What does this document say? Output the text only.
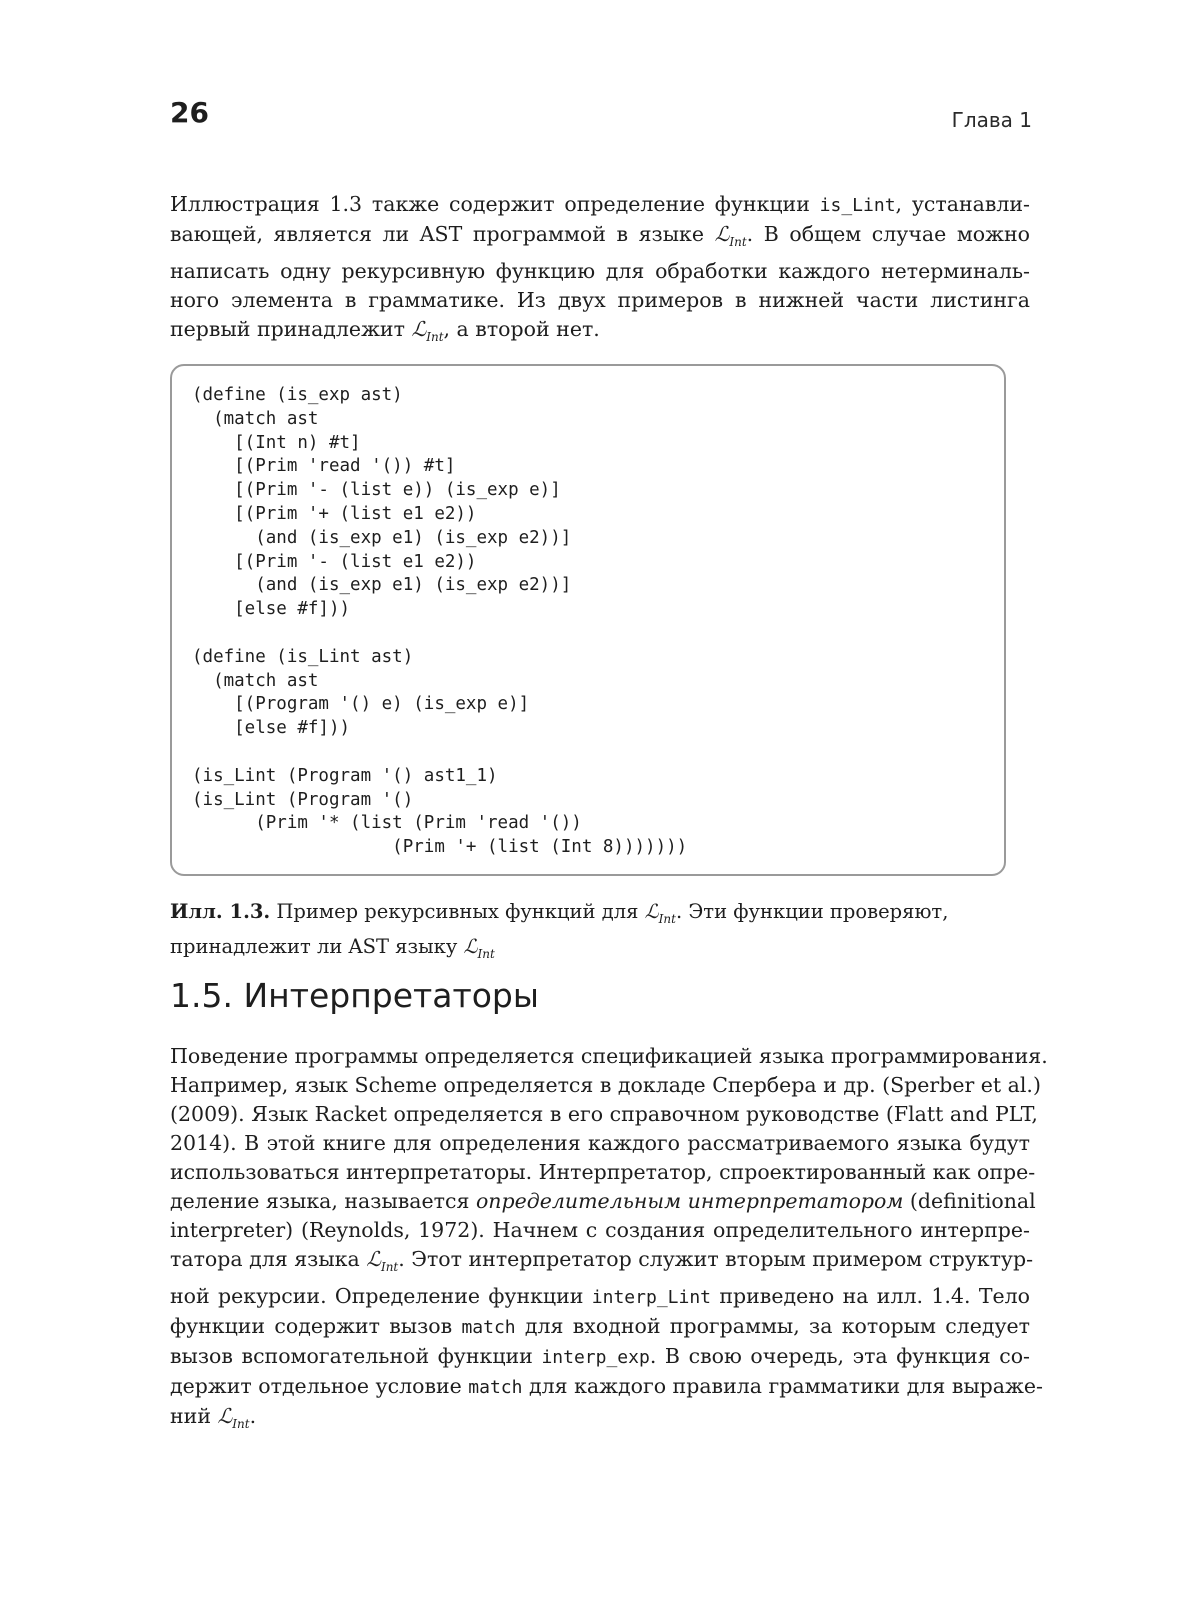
26	Глава 1

Иллюстрация 1.3 также содержит определение функции is_Lint, устанавли-
вающей, является ли AST программой в языке ℒ$_{Int}$. В общем случае можно
написать одну рекурсивную функцию для обработки каждого нетерминаль-
ного элемента в грамматике. Из двух примеров в нижней части листинга
первый принадлежит ℒ$_{Int}$, а второй нет.

(define (is_exp ast)
(match ast
[(Int n) #t]
[(Prim 'read '()) #t]
[(Prim '- (list e)) (is_exp e)]
[(Prim '+ (list e1 e2))
(and (is_exp e1) (is_exp e2))]
[(Prim '- (list e1 e2))
(and (is_exp e1) (is_exp e2))]
[else #f]))

(define (is_Lint ast)
(match ast
[(Program '() e) (is_exp e)]
[else #f]))

(is_Lint (Program '() ast1_1)
(is_Lint (Program '()
(Prim '* (list (Prim 'read '())
(Prim '+ (list (Int 8)))))))

Илл. 1.3. Пример рекурсивных функций для ℒ$_{Int}$. Эти функции проверяют,
принадлежит ли AST языку ℒ$_{Int}$

1.5. Интерпретаторы

Поведение программы определяется спецификацией языка программирования.
Например, язык Scheme определяется в докладе Спербера и др. (Sperber et al.)
(2009). Язык Racket определяется в его справочном руководстве (Flatt and PLT,
2014). В этой книге для определения каждого рассматриваемого языка будут
использоваться интерпретаторы. Интерпретатор, спроектированный как опре-
деление языка, называется определительным интерпретатором (definitional
interpreter) (Reynolds, 1972). Начнем с создания определительного интерпре-
татора для языка ℒ$_{Int}$. Этот интерпретатор служит вторым примером структур-
ной рекурсии. Определение функции interp_Lint приведено на илл. 1.4. Тело
функции содержит вызов match для входной программы, за которым следует
вызов вспомогательной функции interp_exp. В свою очередь, эта функция со-
держит отдельное условие match для каждого правила грамматики для выраже-
ний ℒ$_{Int}$.
